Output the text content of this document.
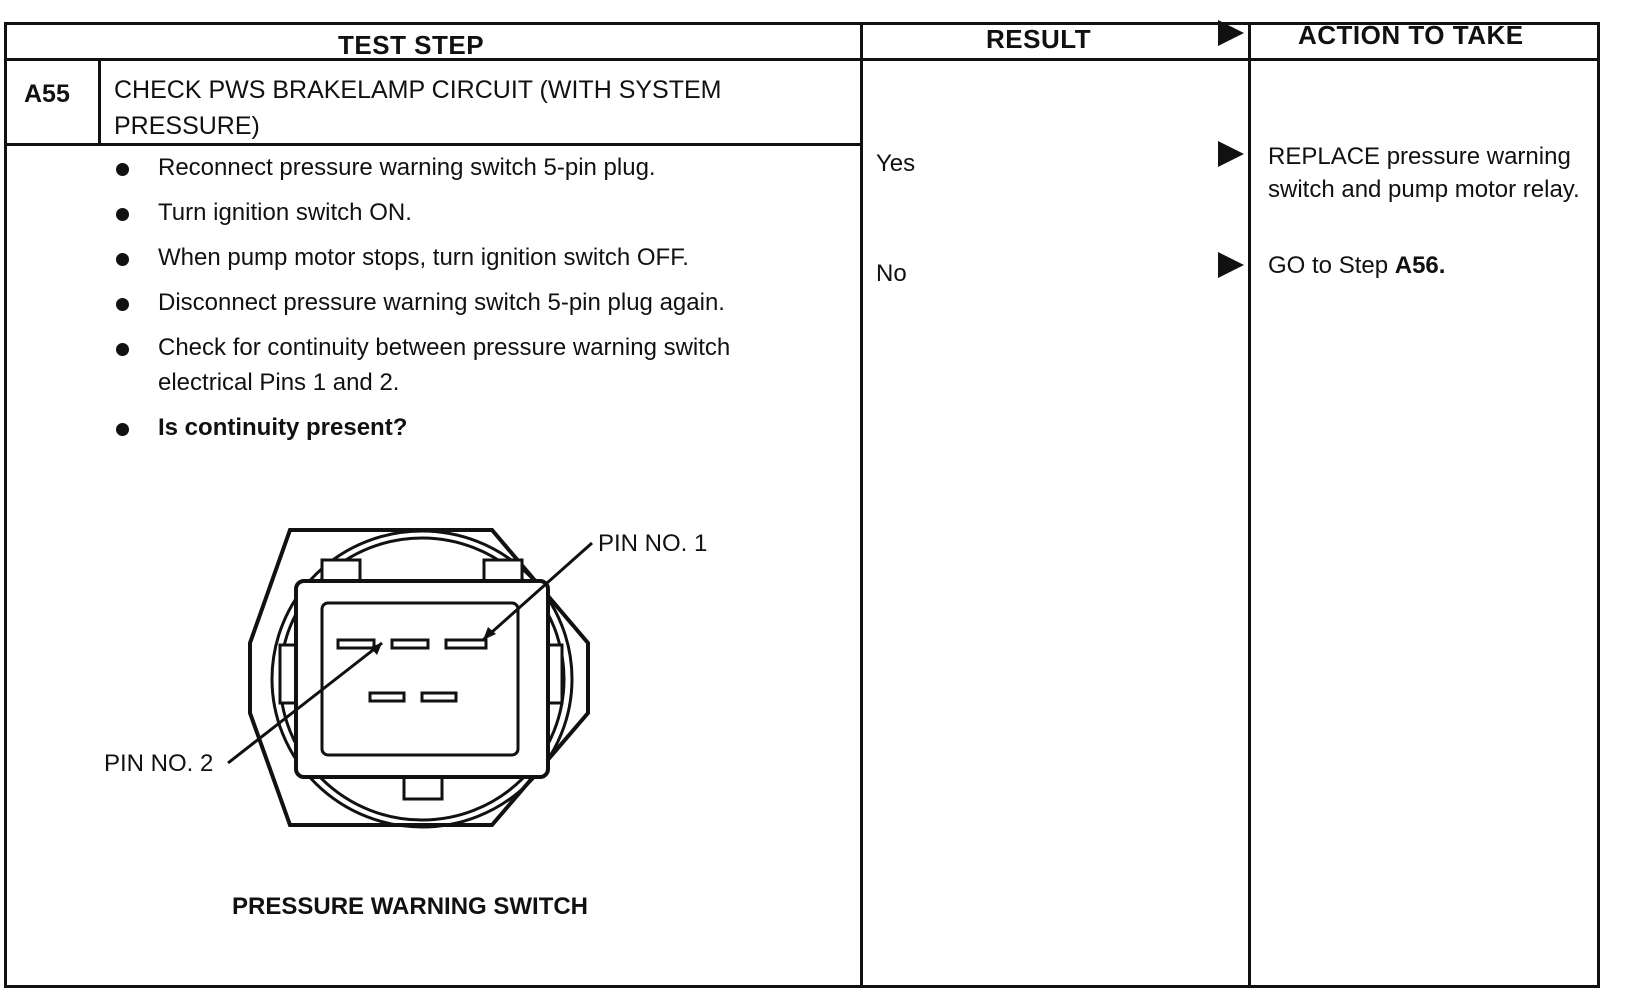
TEST STEP	RESULT	ACTION TO TAKE
A55 CHECK PWS BRAKELAMP CIRCUIT (WITH SYSTEM PRESSURE)
Reconnect pressure warning switch 5-pin plug.
Turn ignition switch ON.
When pump motor stops, turn ignition switch OFF.
Disconnect pressure warning switch 5-pin plug again.
Check for continuity between pressure warning switch electrical Pins 1 and 2.
Is continuity present?
Yes
No
REPLACE pressure warning switch and pump motor relay.
GO to Step A56.
PIN NO. 1
PIN NO. 2
PRESSURE WARNING SWITCH
